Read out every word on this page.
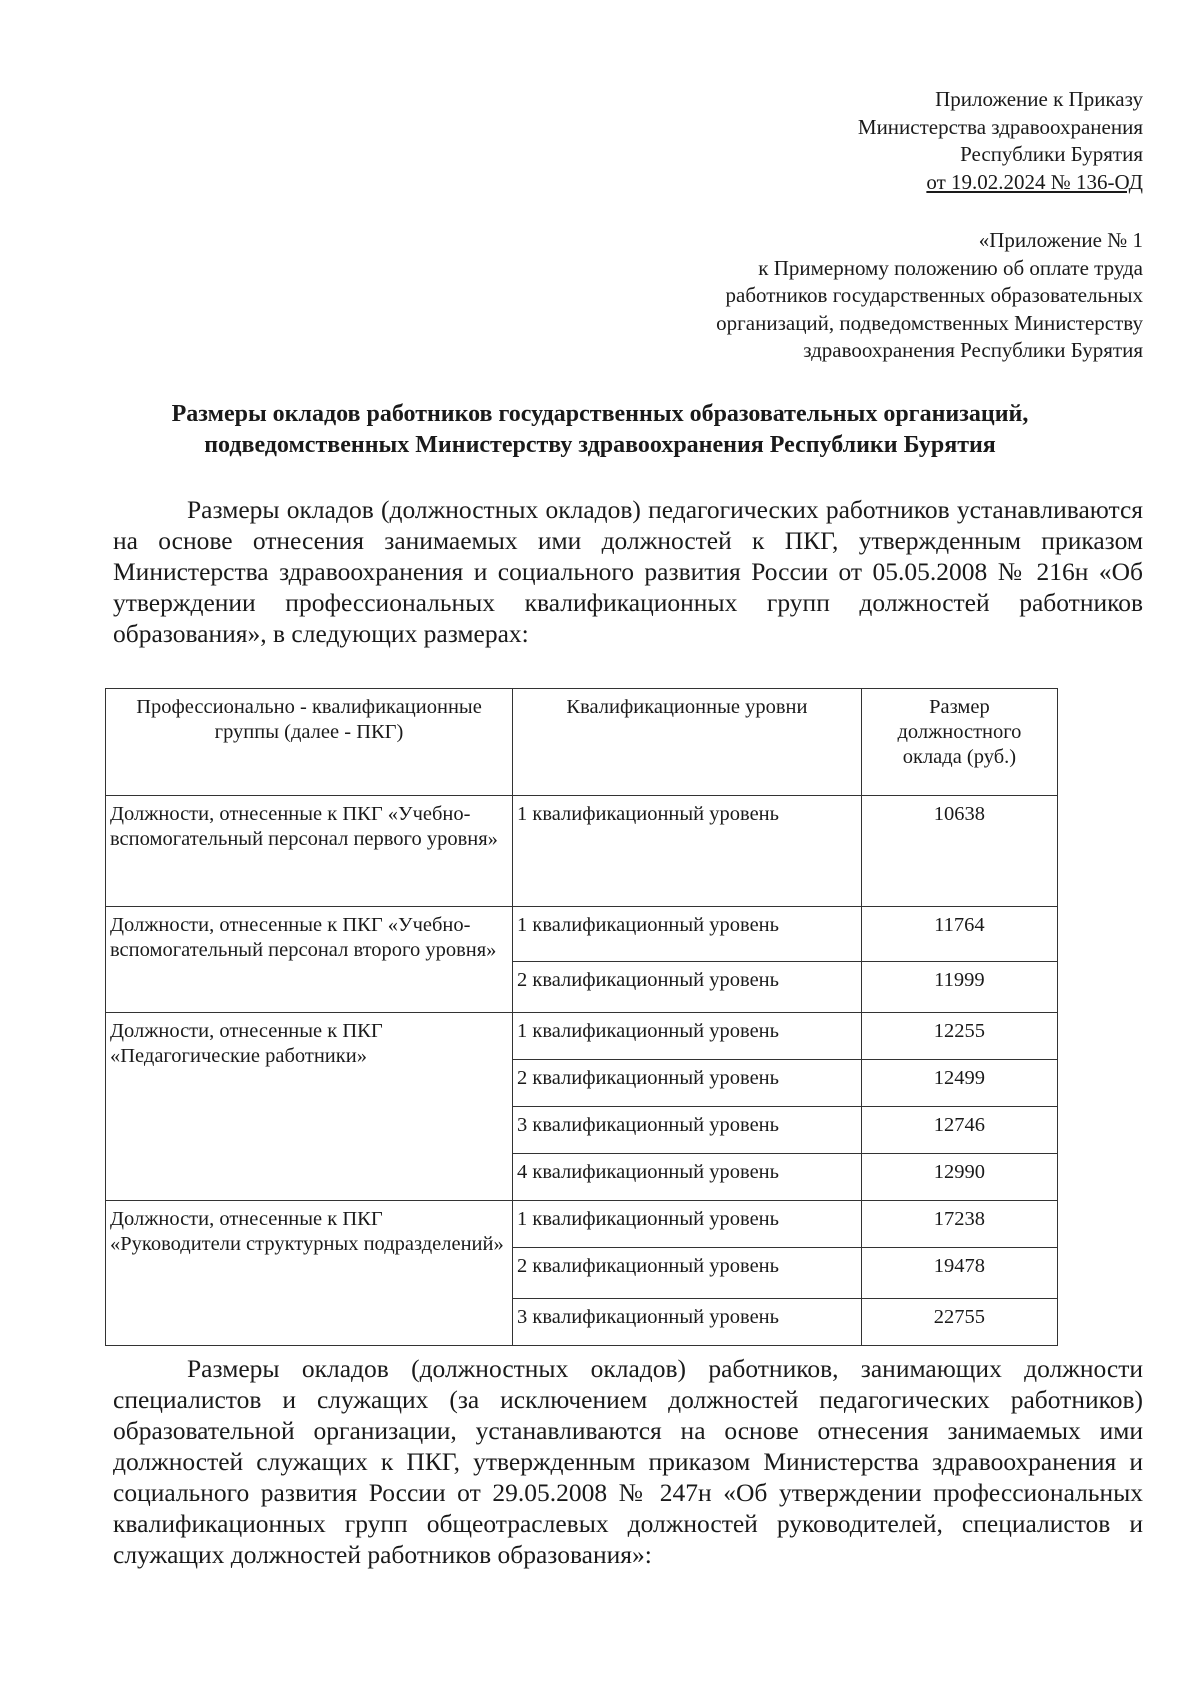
Приложение к Приказу
Министерства здравоохранения
Республики Бурятия
от 19.02.2024 № 136-ОД
«Приложение № 1
к Примерному положению об оплате труда
работников государственных образовательных
организаций, подведомственных Министерству
здравоохранения Республики Бурятия
Размеры окладов работников государственных образовательных организаций,
подведомственных Министерству здравоохранения Республики Бурятия

Размеры окладов (должностных окладов) педагогических работников устанавливаются на основе отнесения занимаемых ими должностей к ПКГ, утвержденным приказом Министерства здравоохранения и социального развития России от 05.05.2008 № 216н «Об утверждении профессиональных квалификационных групп должностей работников образования», в следующих размерах:

Профессионально - квалификационные группы (далее - ПКГ)	Квалификационные уровни	Размер должностного оклада (руб.)
Должности, отнесенные к ПКГ «Учебно-вспомогательный персонал первого уровня»	1 квалификационный уровень	10638
Должности, отнесенные к ПКГ «Учебно-вспомогательный персонал второго уровня»	1 квалификационный уровень	11764
	2 квалификационный уровень	11999
Должности, отнесенные к ПКГ «Педагогические работники»	1 квалификационный уровень	12255
	2 квалификационный уровень	12499
	3 квалификационный уровень	12746
	4 квалификационный уровень	12990
Должности, отнесенные к ПКГ «Руководители структурных подразделений»	1 квалификационный уровень	17238
	2 квалификационный уровень	19478
	3 квалификационный уровень	22755

Размеры окладов (должностных окладов) работников, занимающих должности специалистов и служащих (за исключением должностей педагогических работников) образовательной организации, устанавливаются на основе отнесения занимаемых ими должностей служащих к ПКГ, утвержденным приказом Министерства здравоохранения и социального развития России от 29.05.2008 № 247н «Об утверждении профессиональных квалификационных групп общеотраслевых должностей руководителей, специалистов и служащих должностей работников образования»:
